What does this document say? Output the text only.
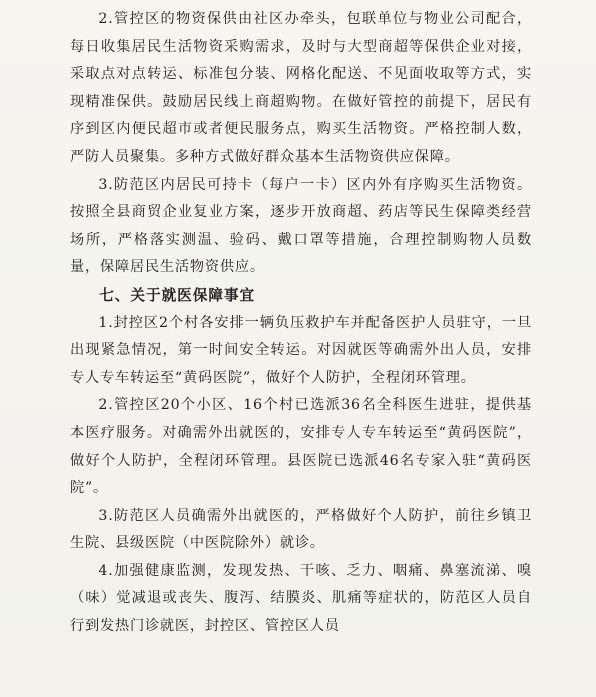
2.管控区的物资保供由社区办牵头，包联单位与物业公司配合，每日收集居民生活物资采购需求，及时与大型商超等保供企业对接，采取点对点转运、标准包分装、网格化配送、不见面收取等方式，实现精准保供。鼓励居民线上商超购物。在做好管控的前提下，居民有序到区内便民超市或者便民服务点，购买生活物资。严格控制人数，严防人员聚集。多种方式做好群众基本生活物资供应保障。

3.防范区内居民可持卡（每户一卡）区内外有序购买生活物资。按照全县商贸企业复业方案，逐步开放商超、药店等民生保障类经营场所，严格落实测温、验码、戴口罩等措施，合理控制购物人员数量，保障居民生活物资供应。

七、关于就医保障事宜

1.封控区2个村各安排一辆负压救护车并配备医护人员驻守，一旦出现紧急情况，第一时间安全转运。对因就医等确需外出人员，安排专人专车转运至“黄码医院”，做好个人防护，全程闭环管理。

2.管控区20个小区、16个村已选派36名全科医生进驻，提供基本医疗服务。对确需外出就医的，安排专人专车转运至“黄码医院”，做好个人防护，全程闭环管理。县医院已选派46名专家入驻“黄码医院”。

3.防范区人员确需外出就医的，严格做好个人防护，前往乡镇卫生院、县级医院（中医院除外）就诊。

4.加强健康监测，发现发热、干咳、乏力、咽痛、鼻塞流涕、嗅（味）觉减退或丧失、腹泻、结膜炎、肌痛等症状的，防范区人员自行到发热门诊就医，封控区、管控区人员
